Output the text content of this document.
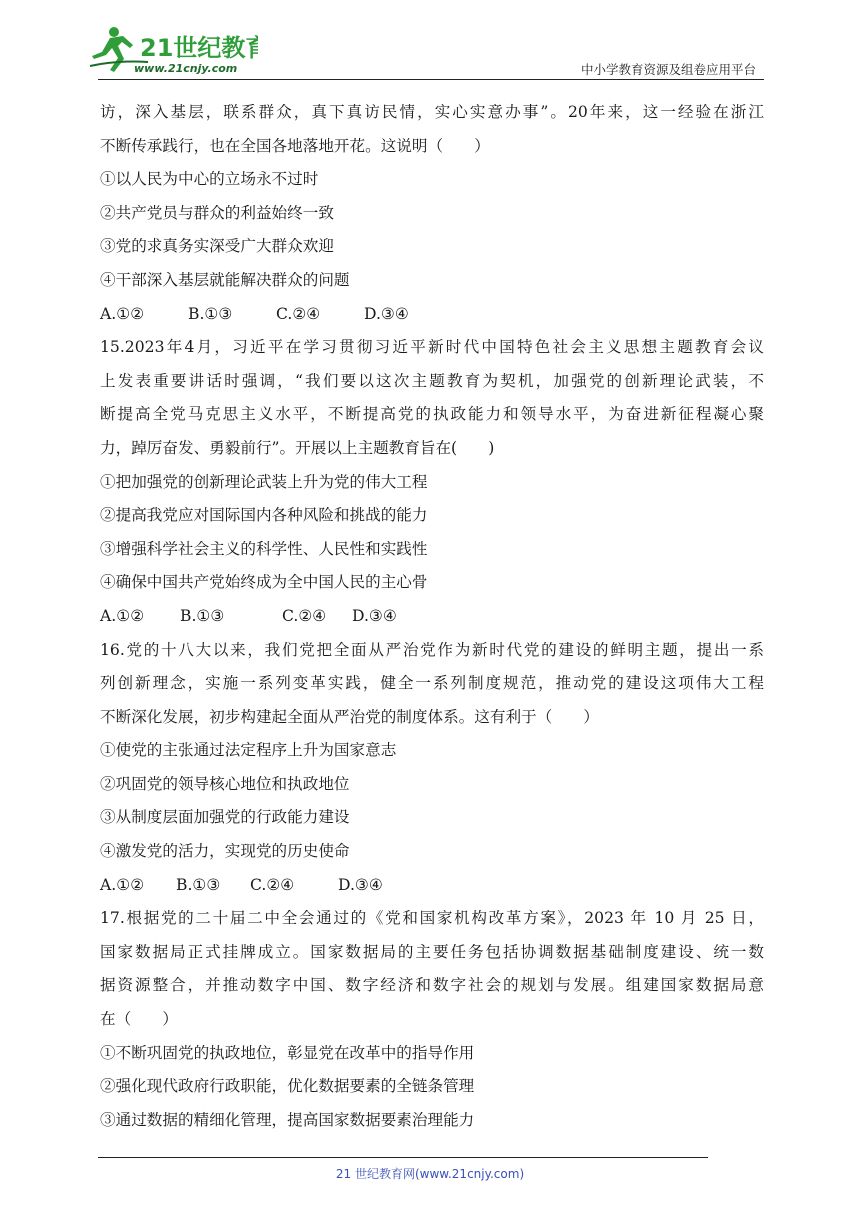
21世纪教育
www.21cnjy.com	中小学教育资源及组卷应用平台
访，深入基层，联系群众，真下真访民情，实心实意办事”。20年来，这一经验在浙江
不断传承践行，也在全国各地落地开花。这说明（　　）
①以人民为中心的立场永不过时
②共产党员与群众的利益始终一致
③党的求真务实深受广大群众欢迎
④干部深入基层就能解决群众的问题
A.①②	B.①③	C.②④	D.③④
15.2023年4月，习近平在学习贯彻习近平新时代中国特色社会主义思想主题教育会议
上发表重要讲话时强调，“我们要以这次主题教育为契机，加强党的创新理论武装，不
断提高全党马克思主义水平，不断提高党的执政能力和领导水平，为奋进新征程凝心聚
力，踔厉奋发、勇毅前行”。开展以上主题教育旨在(　　)
①把加强党的创新理论武装上升为党的伟大工程
②提高我党应对国际国内各种风险和挑战的能力
③增强科学社会主义的科学性、人民性和实践性
④确保中国共产党始终成为全中国人民的主心骨
A.①② B.①③	C.②④ D.③④
16.党的十八大以来，我们党把全面从严治党作为新时代党的建设的鲜明主题，提出一系
列创新理念，实施一系列变革实践，健全一系列制度规范，推动党的建设这项伟大工程
不断深化发展，初步构建起全面从严治党的制度体系。这有利于（　　）
①使党的主张通过法定程序上升为国家意志
②巩固党的领导核心地位和执政地位
③从制度层面加强党的行政能力建设
④激发党的活力，实现党的历史使命
A.①② B.①③ C.②④	D.③④
17.根据党的二十届二中全会通过的《党和国家机构改革方案》，2023 年 10 月 25 日，
国家数据局正式挂牌成立。国家数据局的主要任务包括协调数据基础制度建设、统一数
据资源整合，并推动数字中国、数字经济和数字社会的规划与发展。组建国家数据局意
在（　　）
①不断巩固党的执政地位，彰显党在改革中的指导作用
②强化现代政府行政职能，优化数据要素的全链条管理
③通过数据的精细化管理，提高国家数据要素治理能力
21 世纪教育网(www.21cnjy.com)
